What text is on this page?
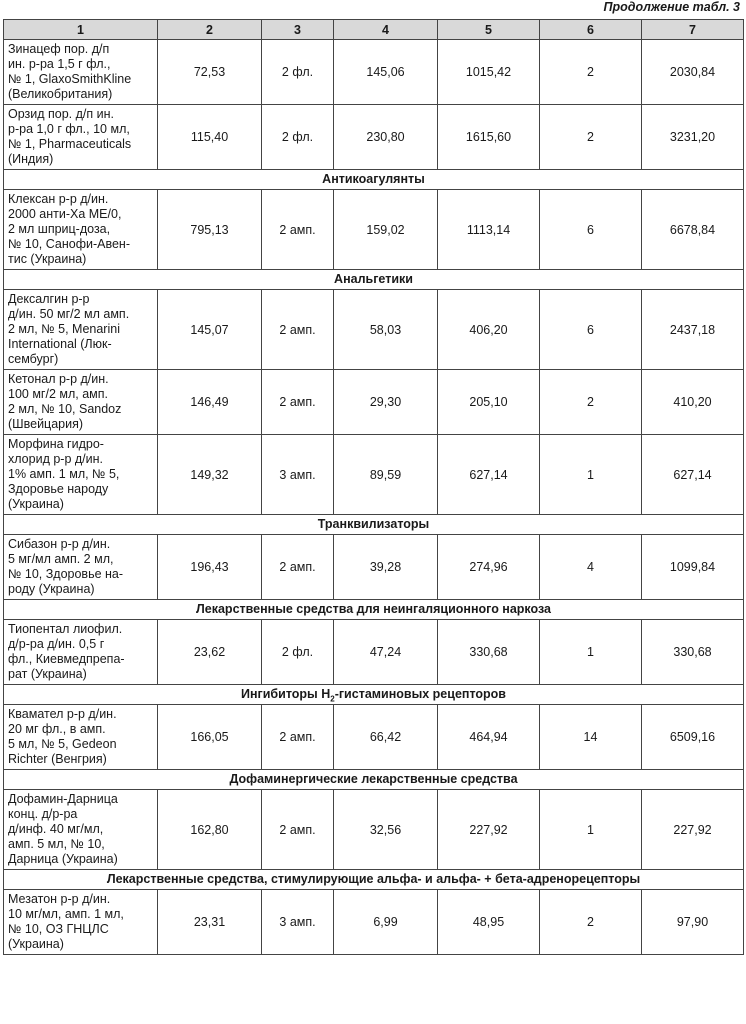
Продолжение табл. 3
1	2	3	4	5	6	7

Зинацеф пор. д/п
ин. р-ра 1,5 г фл.,
№ 1, GlaxoSmithKline
(Великобритания)	72,53	2 фл.	145,06	1015,42	2	2030,84

Орзид пор. д/п ин.
р-ра 1,0 г фл., 10 мл,
№ 1, Pharmaceuticals
(Индия)	115,40	2 фл.	230,80	1615,60	2	3231,20
Антикоагулянты						

Клексан р-р д/ин.
2000 анти-Ха МЕ/0,
2 мл шприц-доза,
№ 10, Санофи-Авен-
тис (Украина)	795,13	2 амп.	159,02	1113,14	6	6678,84
Анальгетики						

Дексалгин р-р
д/ин. 50 мг/2 мл амп.
2 мл, № 5, Menarini
International (Люк-
сембург)	145,07	2 амп.	58,03	406,20	6	2437,18

Кетонал р-р д/ин.
100 мг/2 мл, амп.
2 мл, № 10, Sandoz
(Швейцария)	146,49	2 амп.	29,30	205,10	2	410,20

Морфина гидро-
хлорид р-р д/ин.
1% амп. 1 мл, № 5,
Здоровье народу
(Украина)	149,32	3 амп.	89,59	627,14	1	627,14
Транквилизаторы						

Сибазон р-р д/ин.
5 мг/мл амп. 2 мл,
№ 10, Здоровье на-
роду (Украина)	196,43	2 амп.	39,28	274,96	4	1099,84
Лекарственные средства для неингаляционного наркоза						

Тиопентал лиофил.
д/р-ра д/ин. 0,5 г
фл., Киевмедпрепа-
рат (Украина)	23,62	2 фл.	47,24	330,68	1	330,68
Ингибиторы $H_2$-гистаминовых рецепторов						

Квамател р-р д/ин.
20 мг фл., в амп.
5 мл, № 5, Gedeon
Richter (Венгрия)	166,05	2 амп.	66,42	464,94	14	6509,16
Дофаминергические лекарственные средства						

Дофамин-Дарница
конц. д/р-ра
д/инф. 40 мг/мл,
амп. 5 мл, № 10,
Дарница (Украина)	162,80	2 амп.	32,56	227,92	1	227,92
Лекарственные средства, стимулирующие альфа- и альфа- + бета-адренорецепторы						

Мезатон р-р д/ин.
10 мг/мл, амп. 1 мл,
№ 10, ОЗ ГНЦЛС
(Украина)	23,31	3 амп.	6,99	48,95	2	97,90
